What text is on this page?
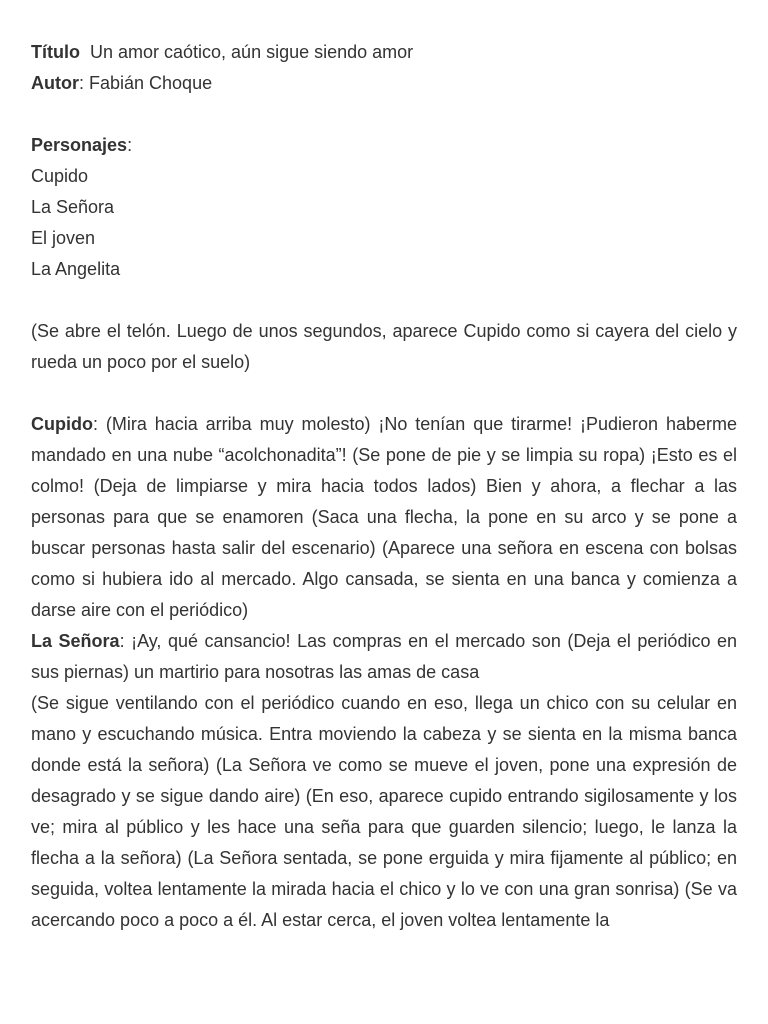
Título  Un amor caótico, aún sigue siendo amor

Autor: Fabián Choque

Personajes:

Cupido

La Señora

El joven

La Angelita

(Se abre el telón. Luego de unos segundos, aparece Cupido como si cayera del cielo y rueda un poco por el suelo)

Cupido: (Mira hacia arriba muy molesto) ¡No tenían que tirarme! ¡Pudieron haberme mandado en una nube “acolchonadita”! (Se pone de pie y se limpia su ropa) ¡Esto es el colmo! (Deja de limpiarse y mira hacia todos lados) Bien y ahora, a flechar a las personas para que se enamoren (Saca una flecha, la pone en su arco y se pone a buscar personas hasta salir del escenario) (Aparece una señora en escena con bolsas como si hubiera ido al mercado. Algo cansada, se sienta en una banca y comienza a darse aire con el periódico)

La Señora: ¡Ay, qué cansancio! Las compras en el mercado son (Deja el periódico en sus piernas) un martirio para nosotras las amas de casa

(Se sigue ventilando con el periódico cuando en eso, llega un chico con su celular en mano y escuchando música. Entra moviendo la cabeza y se sienta en la misma banca donde está la señora) (La Señora ve como se mueve el joven, pone una expresión de desagrado y se sigue dando aire) (En eso, aparece cupido entrando sigilosamente y los ve; mira al público y les hace una seña para que guarden silencio; luego, le lanza la flecha a la señora) (La Señora sentada, se pone erguida y mira fijamente al público; en seguida, voltea lentamente la mirada hacia el chico y lo ve con una gran sonrisa) (Se va acercando poco a poco a él. Al estar cerca, el joven voltea lentamente la
